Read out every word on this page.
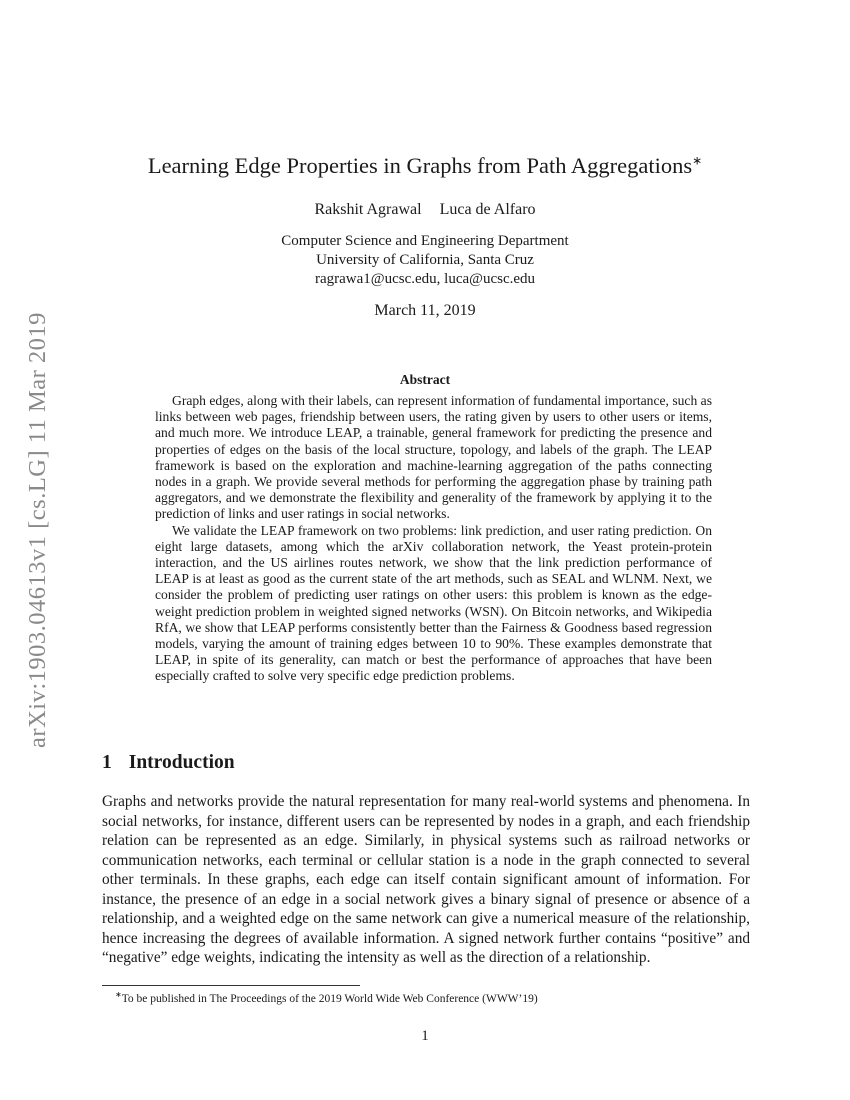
arXiv:1903.04613v1 [cs.LG] 11 Mar 2019
Learning Edge Properties in Graphs from Path Aggregations∗
Rakshit Agrawal Luca de Alfaro
Computer Science and Engineering Department
University of California, Santa Cruz
ragrawa1@ucsc.edu, luca@ucsc.edu
March 11, 2019
Abstract

Graph edges, along with their labels, can represent information of fundamental importance, such as links between web pages, friendship between users, the rating given by users to other users or items, and much more. We introduce LEAP, a trainable, general framework for predicting the presence and properties of edges on the basis of the local structure, topology, and labels of the graph. The LEAP framework is based on the exploration and machine-learning aggregation of the paths connecting nodes in a graph. We provide several methods for performing the aggregation phase by training path aggregators, and we demonstrate the flexibility and generality of the framework by applying it to the prediction of links and user ratings in social networks.

We validate the LEAP framework on two problems: link prediction, and user rating prediction. On eight large datasets, among which the arXiv collaboration network, the Yeast protein-protein interaction, and the US airlines routes network, we show that the link prediction performance of LEAP is at least as good as the current state of the art methods, such as SEAL and WLNM. Next, we consider the problem of predicting user ratings on other users: this problem is known as the edge-weight prediction problem in weighted signed networks (WSN). On Bitcoin networks, and Wikipedia RfA, we show that LEAP performs consistently better than the Fairness & Goodness based regression models, varying the amount of training edges between 10 to 90%. These examples demonstrate that LEAP, in spite of its generality, can match or best the performance of approaches that have been especially crafted to solve very specific edge prediction problems.

1 Introduction

Graphs and networks provide the natural representation for many real-world systems and phenomena. In social networks, for instance, different users can be represented by nodes in a graph, and each friendship relation can be represented as an edge. Similarly, in physical systems such as railroad networks or communication networks, each terminal or cellular station is a node in the graph connected to several other terminals. In these graphs, each edge can itself contain significant amount of information. For instance, the presence of an edge in a social network gives a binary signal of presence or absence of a relationship, and a weighted edge on the same network can give a numerical measure of the relationship, hence increasing the degrees of available information. A signed network further contains “positive” and “negative” edge weights, indicating the intensity as well as the direction of a relationship.

∗To be published in The Proceedings of the 2019 World Wide Web Conference (WWW’19)
1
